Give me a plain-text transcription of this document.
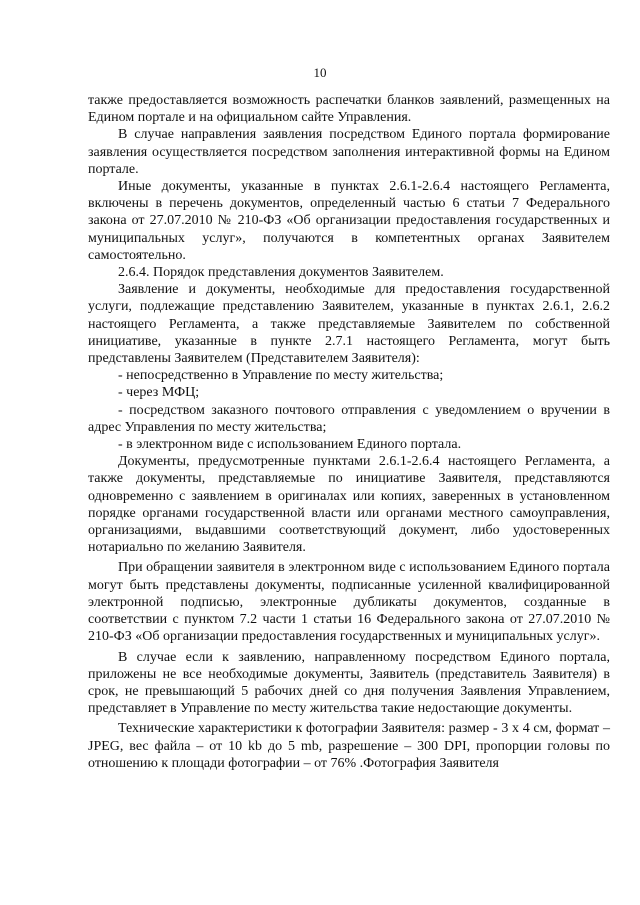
10

также предоставляется возможность распечатки бланков заявлений, размещенных на Едином портале и на официальном сайте Управления.

В случае направления заявления посредством Единого портала формирование заявления осуществляется посредством заполнения интерактивной формы на Едином портале.

Иные документы, указанные в пунктах 2.6.1-2.6.4 настоящего Регламента, включены в перечень документов, определенный частью 6 статьи 7 Федерального закона от 27.07.2010 № 210-ФЗ «Об организации предоставления государственных и муниципальных услуг», получаются в компетентных органах Заявителем самостоятельно.

2.6.4. Порядок представления документов Заявителем.

Заявление и документы, необходимые для предоставления государственной услуги, подлежащие представлению Заявителем, указанные в пунктах 2.6.1, 2.6.2 настоящего Регламента, а также представляемые Заявителем по собственной инициативе, указанные в пункте 2.7.1 настоящего Регламента, могут быть представлены Заявителем (Представителем Заявителя):

- непосредственно в Управление по месту жительства;

- через МФЦ;

- посредством заказного почтового отправления с уведомлением о вручении в адрес Управления по месту жительства;

- в электронном виде с использованием Единого портала.

Документы, предусмотренные пунктами 2.6.1-2.6.4 настоящего Регламента, а также документы, представляемые по инициативе Заявителя, представляются одновременно с заявлением в оригиналах или копиях, заверенных в установленном порядке органами государственной власти или органами местного самоуправления, организациями, выдавшими соответствующий документ, либо удостоверенных нотариально по желанию Заявителя.

При обращении заявителя в электронном виде с использованием Единого портала могут быть представлены документы, подписанные усиленной квалифицированной электронной подписью, электронные дубликаты документов, созданные в соответствии с пунктом 7.2 части 1 статьи 16 Федерального закона от 27.07.2010 № 210-ФЗ «Об организации предоставления государственных и муниципальных услуг».

В случае если к заявлению, направленному посредством Единого портала, приложены не все необходимые документы, Заявитель (представитель Заявителя) в срок, не превышающий 5 рабочих дней со дня получения Заявления Управлением, представляет в Управление по месту жительства такие недостающие документы.

Технические характеристики к фотографии Заявителя: размер - 3 х 4 см, формат – JPEG, вес файла – от 10 kb до 5 mb, разрешение – 300 DPI, пропорции головы по отношению к площади фотографии – от 76% .Фотография Заявителя
